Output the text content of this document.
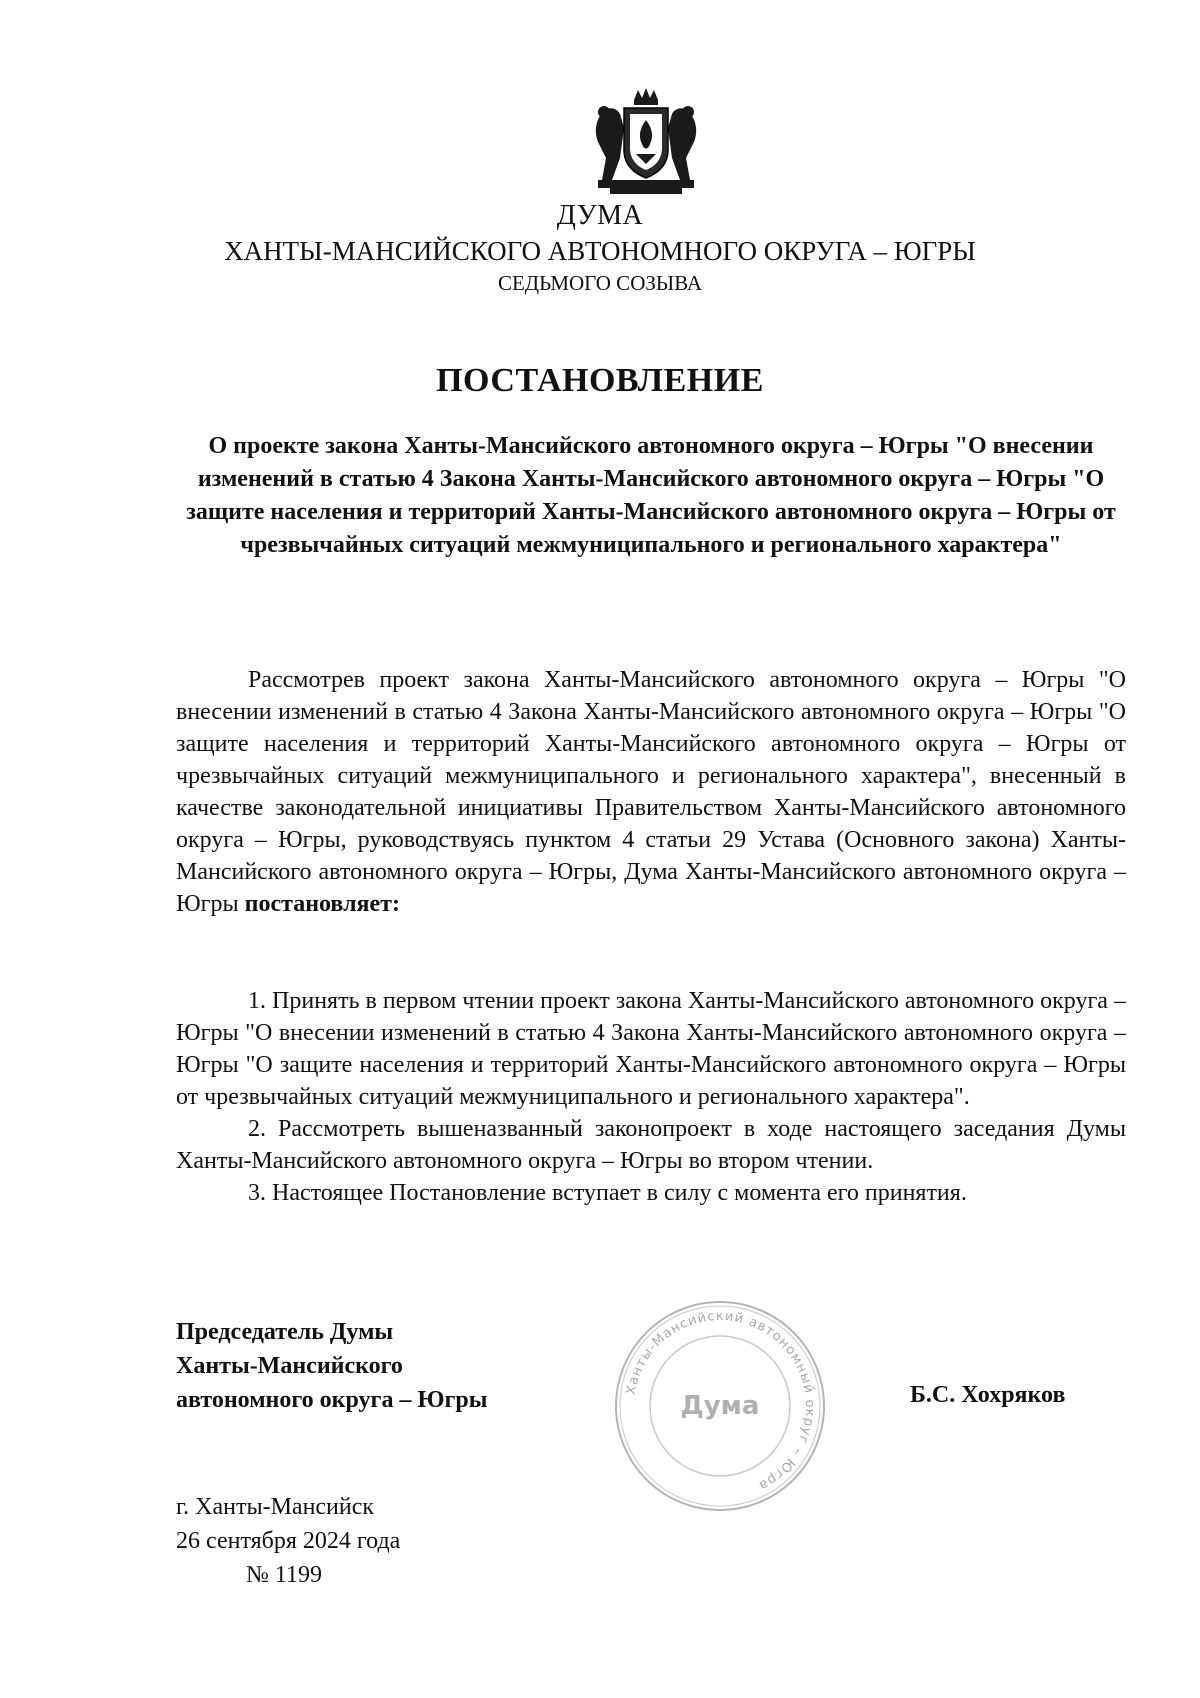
ДУМА
ХАНТЫ-МАНСИЙСКОГО АВТОНОМНОГО ОКРУГА – ЮГРЫ
СЕДЬМОГО СОЗЫВА
ПОСТАНОВЛЕНИЕ
О проекте закона Ханты-Мансийского автономного округа – Югры "О внесении изменений в статью 4 Закона Ханты-Мансийского автономного округа – Югры "О защите населения и территорий Ханты-Мансийского автономного округа – Югры от чрезвычайных ситуаций межмуниципального и регионального характера"

Рассмотрев проект закона Ханты-Мансийского автономного округа – Югры "О внесении изменений в статью 4 Закона Ханты-Мансийского автономного округа – Югры "О защите населения и территорий Ханты-Мансийского автономного округа – Югры от чрезвычайных ситуаций межмуниципального и регионального характера", внесенный в качестве законодательной инициативы Правительством Ханты-Мансийского автономного округа – Югры, руководствуясь пунктом 4 статьи 29 Устава (Основного закона) Ханты-Мансийского автономного округа – Югры, Дума Ханты-Мансийского автономного округа – Югры постановляет:

1. Принять в первом чтении проект закона Ханты-Мансийского автономного округа – Югры "О внесении изменений в статью 4 Закона Ханты-Мансийского автономного округа – Югры "О защите населения и территорий Ханты-Мансийского автономного округа – Югры от чрезвычайных ситуаций межмуниципального и регионального характера".

2. Рассмотреть вышеназванный законопроект в ходе настоящего заседания Думы Ханты-Мансийского автономного округа – Югры во втором чтении.

3. Настоящее Постановление вступает в силу с момента его принятия.

Председатель Думы
Ханты-Мансийского
автономного округа – Югры	Ханты-Мансийский автономный округ – Югра
Дума	Б.С. Хохряков
г. Ханты-Мансийск
26 сентября 2024 года
№ 1199
